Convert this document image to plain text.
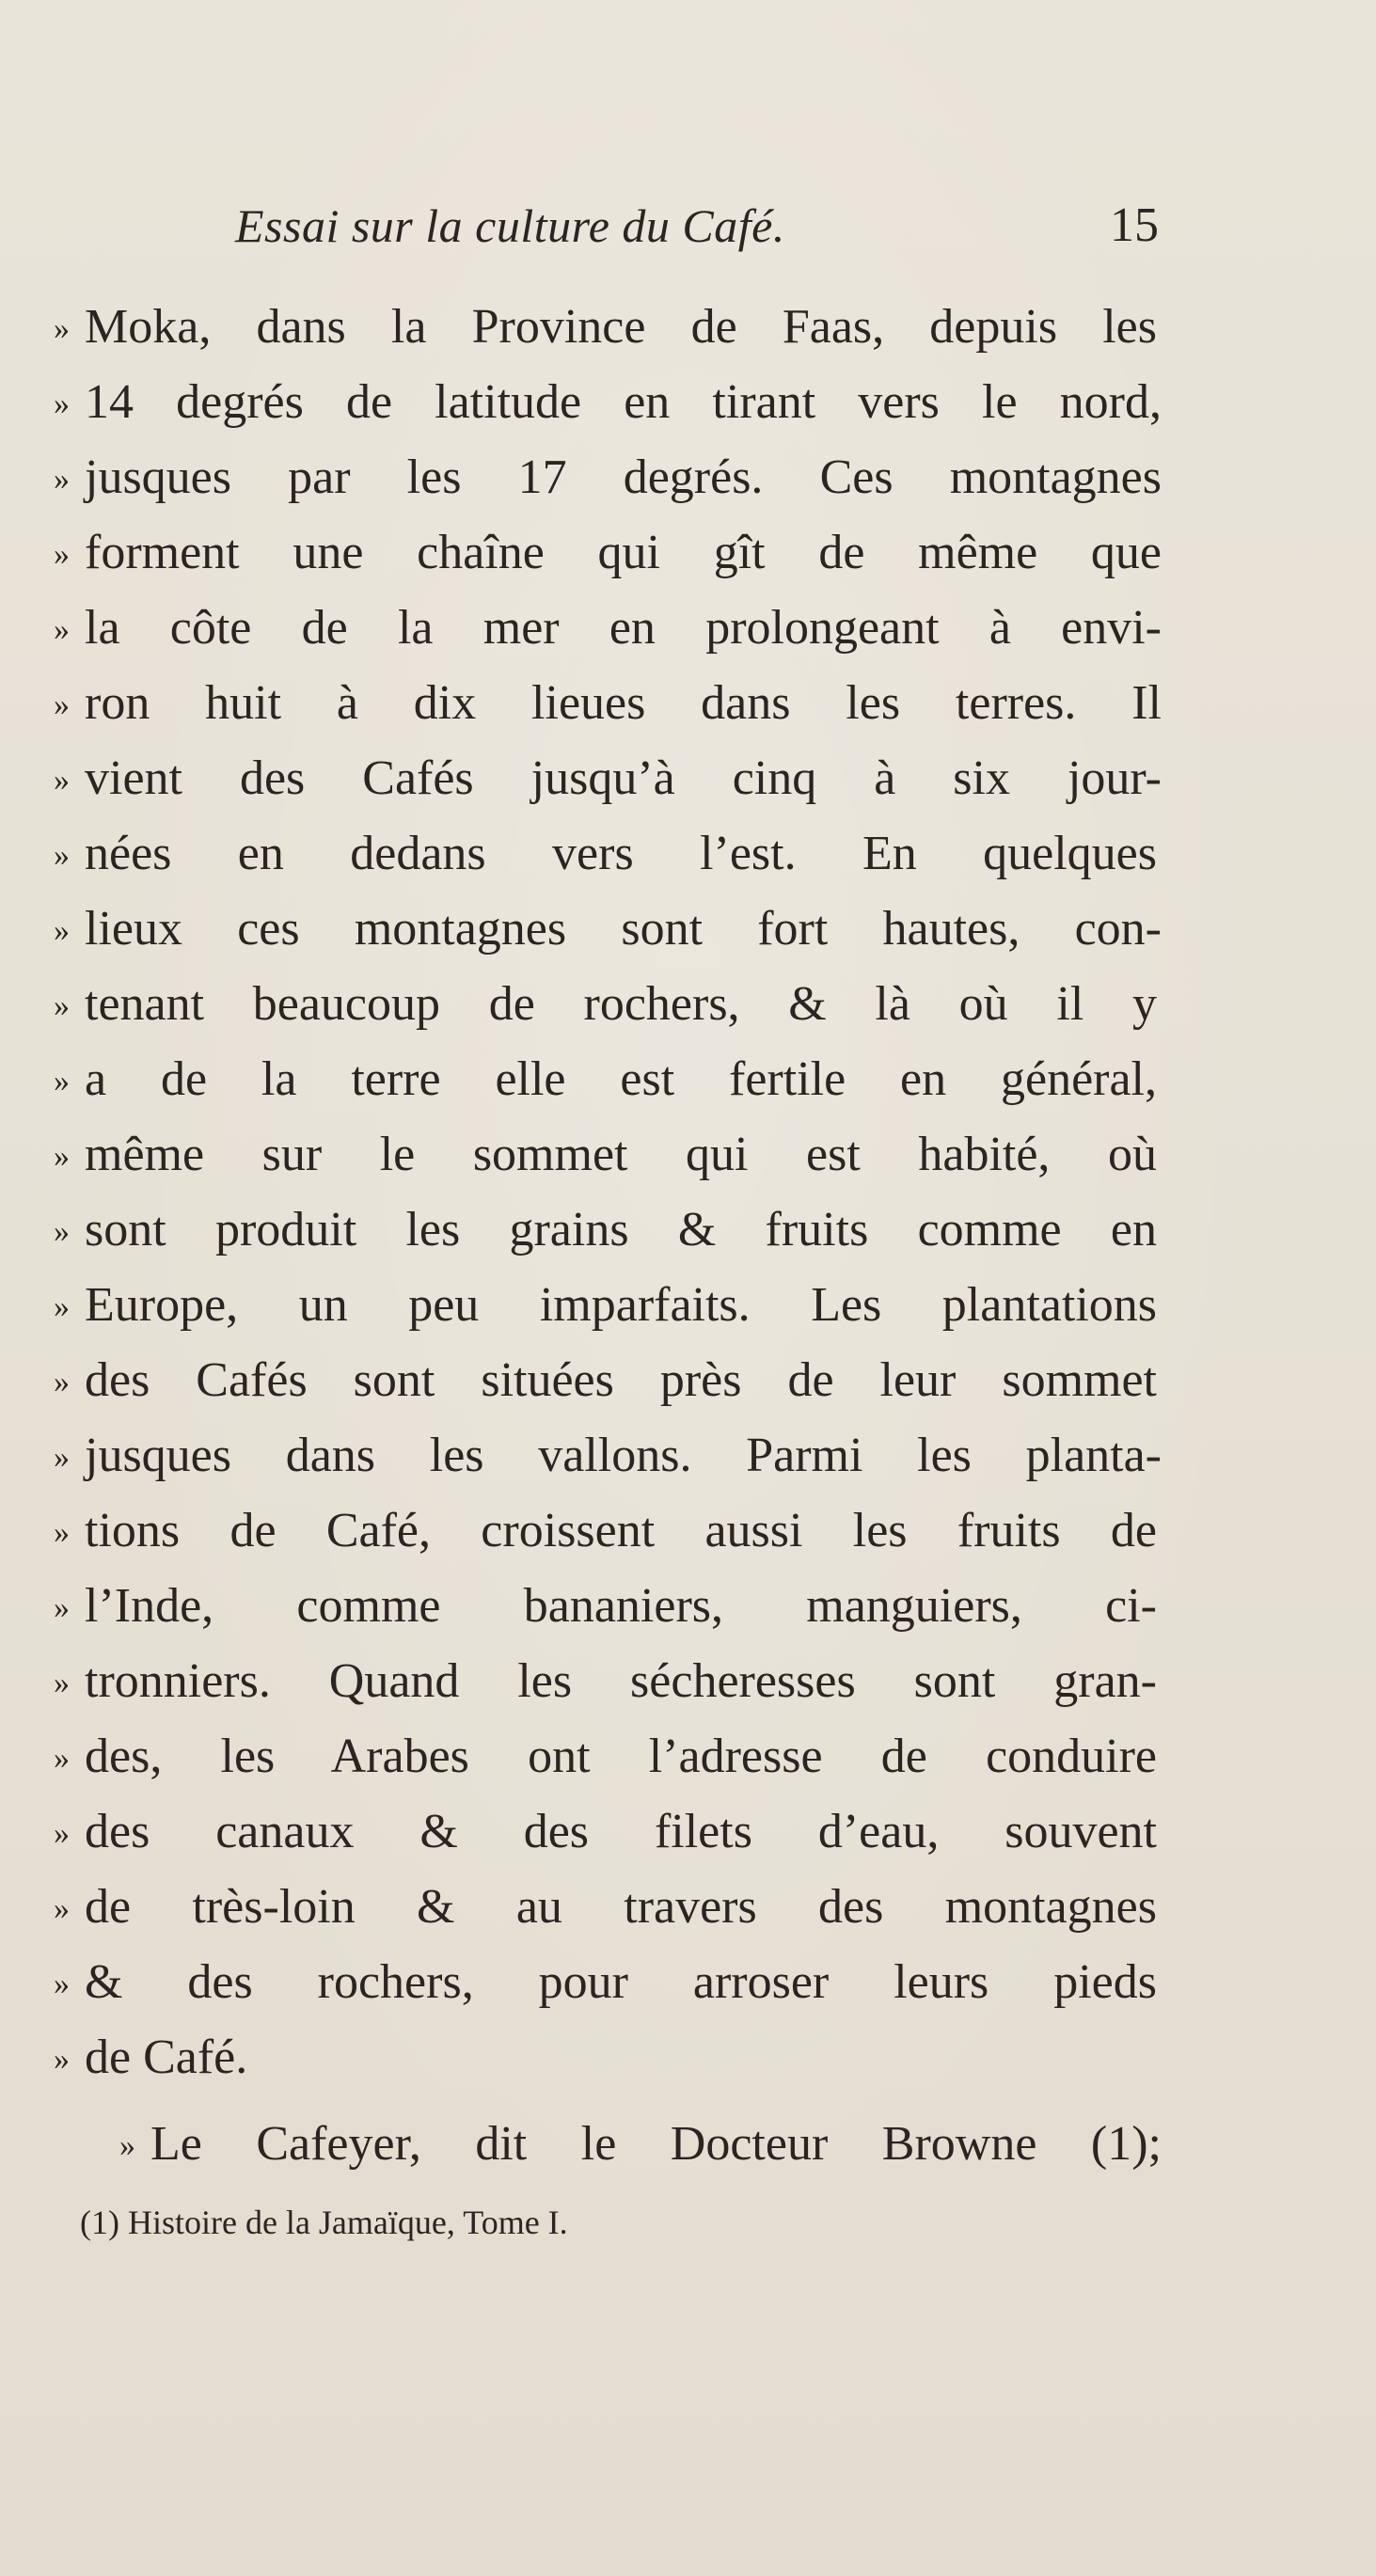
Essai sur la culture du Café.	15
» Moka, dans la Province de Faas, depuis les
» 14 degrés de latitude en tirant vers le nord,
» jusques par les 17 degrés. Ces montagnes
» forment une chaîne qui gît de même que
» la côte de la mer en prolongeant à envi-
» ron huit à dix lieues dans les terres. Il
» vient des Cafés jusqu’à cinq à six jour-
» nées en dedans vers l’est. En quelques
» lieux ces montagnes sont fort hautes, con-
» tenant beaucoup de rochers, & là où il y
» a de la terre elle est fertile en général,
» même sur le sommet qui est habité, où
» sont produit les grains & fruits comme en
» Europe, un peu imparfaits. Les plantations
» des Cafés sont situées près de leur sommet
» jusques dans les vallons. Parmi les planta-
» tions de Café, croissent aussi les fruits de
» l’Inde, comme bananiers, manguiers, ci-
» tronniers. Quand les sécheresses sont gran-
» des, les Arabes ont l’adresse de conduire
» des canaux & des filets d’eau, souvent
» de très-loin & au travers des montagnes
» & des rochers, pour arroser leurs pieds
» de Café.
» Le Cafeyer, dit le Docteur Browne (1);
(1) Histoire de la Jamaïque, Tome I.
